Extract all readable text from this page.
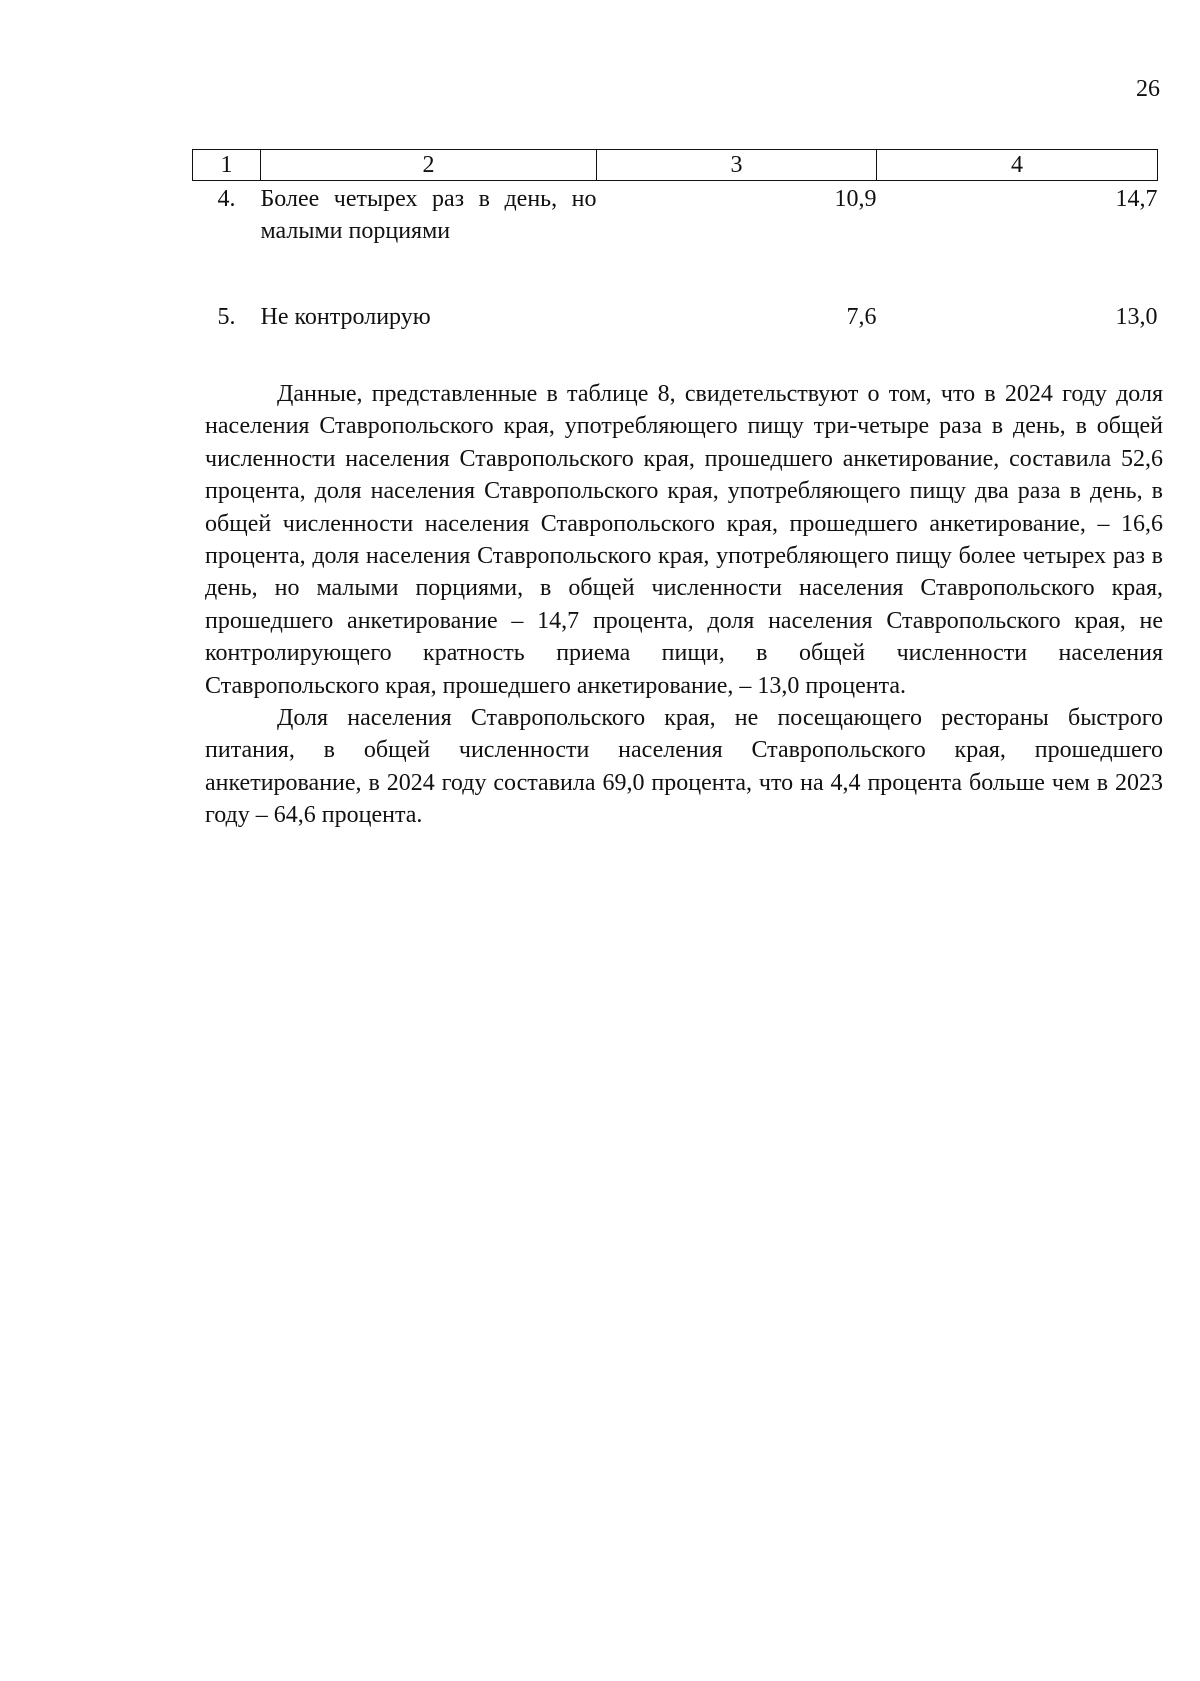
26
1	2	3	4
4.	Более четырех раз в день, но малыми порциями	10,9	14,7
5.	Не контролирую	7,6	13,0

Данные, представленные в таблице 8, свидетельствуют о том, что в 2024 году доля населения Ставропольского края, употребляющего пищу три-четыре раза в день, в общей численности населения Ставропольского края, прошедшего анкетирование, составила 52,6 процента, доля населения Ставропольского края, употребляющего пищу два раза в день, в общей численности населения Ставропольского края, прошедшего анкетирование, – 16,6 процента, доля населения Ставропольского края, употребляющего пищу более четырех раз в день, но малыми порциями, в общей численности населения Ставропольского края, прошедшего анкетирование – 14,7 процента, доля населения Ставропольского края, не контролирующего кратность приема пищи, в общей численности населения Ставропольского края, прошедшего анкетирование, – 13,0 процента.

Доля населения Ставропольского края, не посещающего рестораны быстрого питания, в общей численности населения Ставропольского края, прошедшего анкетирование, в 2024 году составила 69,0 процента, что на 4,4 процента больше чем в 2023 году – 64,6 процента.
